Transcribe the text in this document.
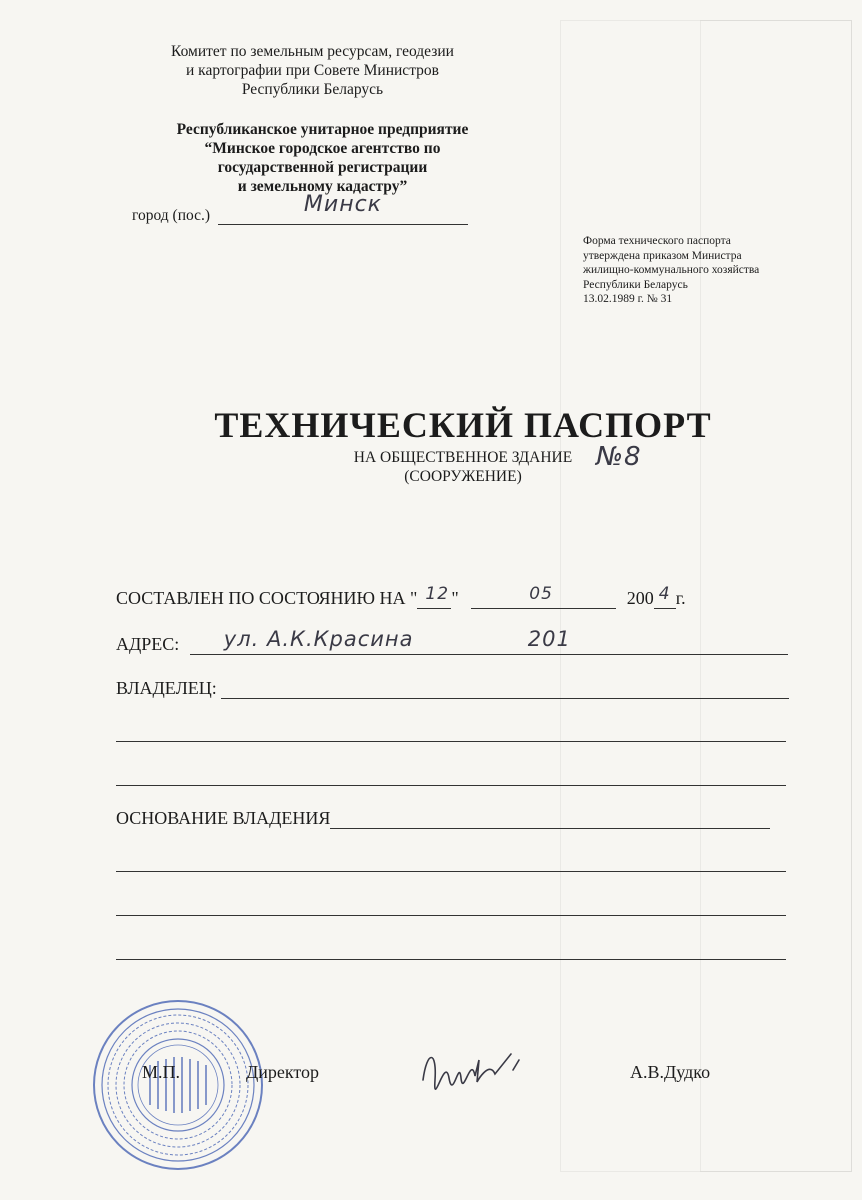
Комитет по земельным ресурсам, геодезии
и картографии при Совете Министров
Республики Беларусь
Республиканское унитарное предприятие
“Минское городское агентство по
государственной регистрации
и земельному кадастру”
город (пос.)	Минск
Форма технического паспорта
утверждена приказом Министра
жилищно-коммунального хозяйства
Республики Беларусь
13.02.1989 г. № 31
ТЕХНИЧЕСКИЙ ПАСПОРТ
НА ОБЩЕСТВЕННОЕ ЗДАНИЕ
(СООРУЖЕНИЕ)
№8
СОСТАВЛЕН ПО СОСТОЯНИЮ НА " 12 "	05	200 4 г.
АДРЕС: ул. А.К.Красина	201
ВЛАДЕЛЕЦ:
ОСНОВАНИЕ ВЛАДЕНИЯ
М.П.	Директор	А.В.Дудко
